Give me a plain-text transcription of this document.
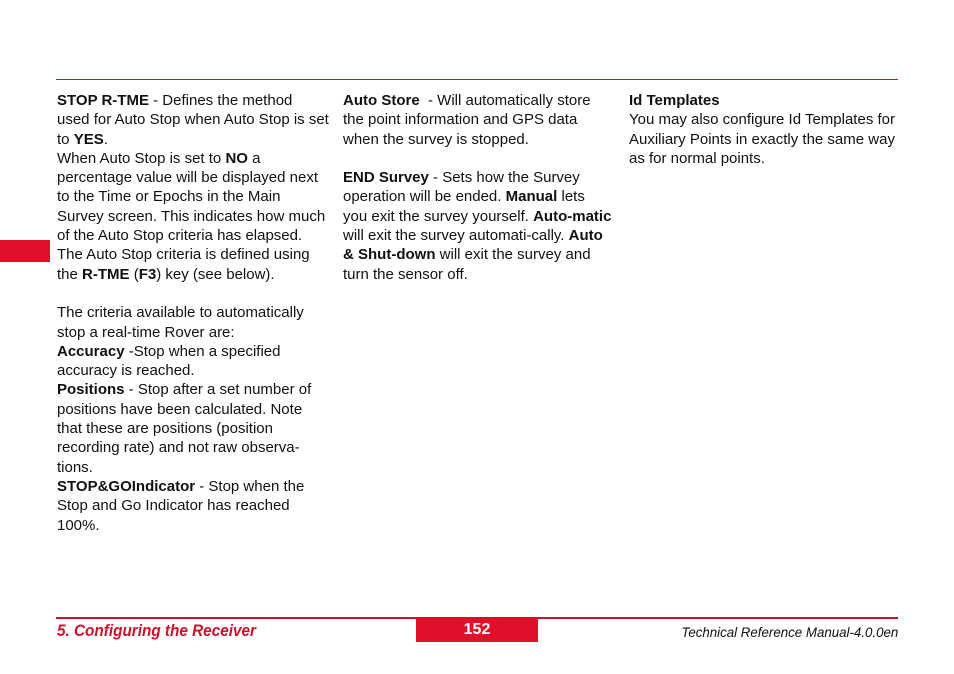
STOP R-TME - Defines the method used for Auto Stop when Auto Stop is set to YES.

When Auto Stop is set to NO a percentage value will be displayed next to the Time or Epochs in the Main Survey screen. This indicates how much of the Auto Stop criteria has elapsed. The Auto Stop criteria is defined using the R-TME (F3) key (see below).

The criteria available to automatically stop a real-time Rover are:

Accuracy -Stop when a specified accuracy is reached.

Positions - Stop after a set number of positions have been calculated. Note that these are positions (position recording rate) and not raw observa-tions.

STOP&GOIndicator - Stop when the Stop and Go Indicator has reached 100%.

Auto Store  - Will automatically store the point information and GPS data when the survey is stopped.

END Survey - Sets how the Survey operation will be ended. Manual lets you exit the survey yourself. Auto-matic will exit the survey automati-cally. Auto & Shut-down will exit the survey and turn the sensor off.

Id Templates

You may also configure Id Templates for Auxiliary Points in exactly the same way as for normal points.

5. Configuring the Receiver	152	Technical Reference Manual-4.0.0en
